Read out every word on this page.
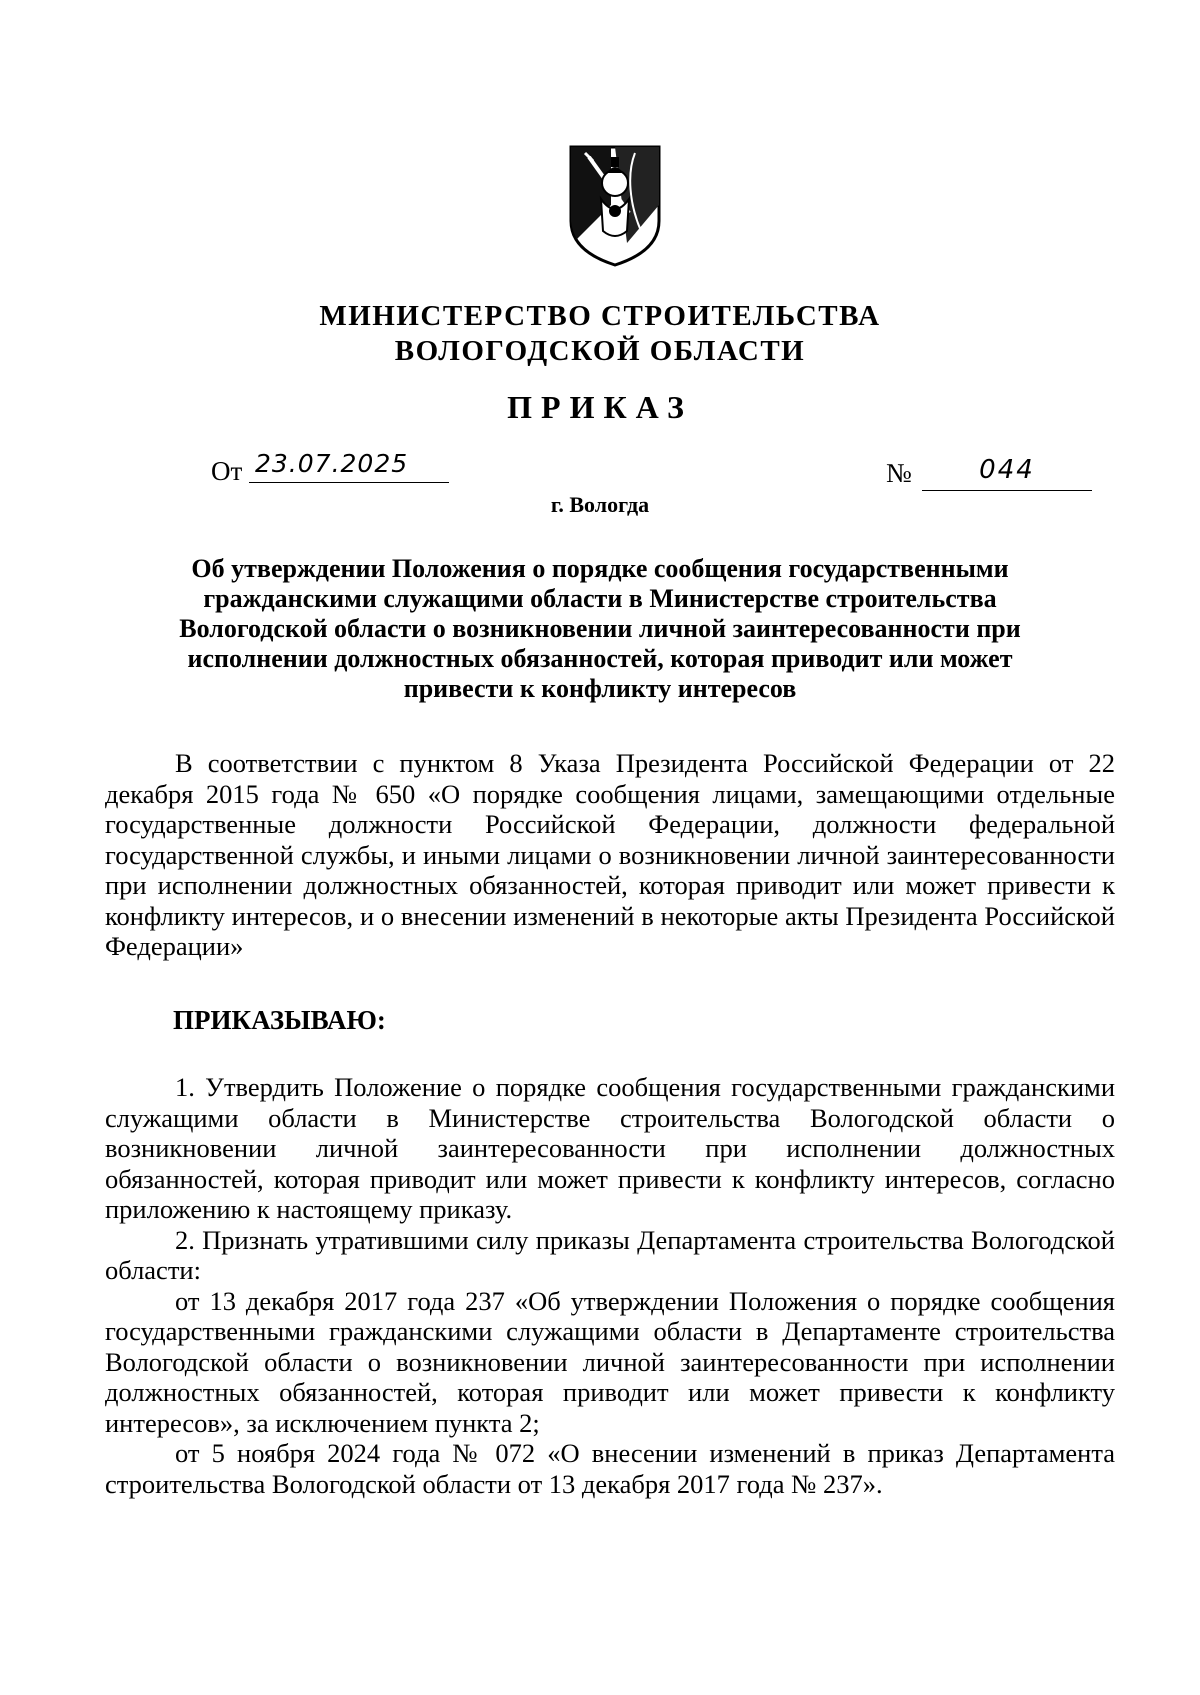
МИНИСТЕРСТВО СТРОИТЕЛЬСТВА
ВОЛОГОДСКОЙ ОБЛАСТИ
ПРИКАЗ
От 23.07.2025	№	044
г. Вологда
Об утверждении Положения о порядке сообщения государственными гражданскими служащими области в Министерстве строительства Вологодской области о возникновении личной заинтересованности при исполнении должностных обязанностей, которая приводит или может привести к конфликту интересов

В соответствии с пунктом 8 Указа Президента Российской Федерации от 22 декабря 2015 года № 650 «О порядке сообщения лицами, замещающими отдельные государственные должности Российской Федерации, должности федеральной государственной службы, и иными лицами о возникновении личной заинтересованности при исполнении должностных обязанностей, которая приводит или может привести к конфликту интересов, и о внесении изменений в некоторые акты Президента Российской Федерации»

ПРИКАЗЫВАЮ:

1. Утвердить Положение о порядке сообщения государственными гражданскими служащими области в Министерстве строительства Вологодской области о возникновении личной заинтересованности при исполнении должностных обязанностей, которая приводит или может привести к конфликту интересов, согласно приложению к настоящему приказу.

2. Признать утратившими силу приказы Департамента строительства Вологодской области:

от 13 декабря 2017 года 237 «Об утверждении Положения о порядке сообщения государственными гражданскими служащими области в Департаменте строительства Вологодской области о возникновении личной заинтересованности при исполнении должностных обязанностей, которая приводит или может привести к конфликту интересов», за исключением пункта 2;

от 5 ноября 2024 года № 072 «О внесении изменений в приказ Департамента строительства Вологодской области от 13 декабря 2017 года № 237».
